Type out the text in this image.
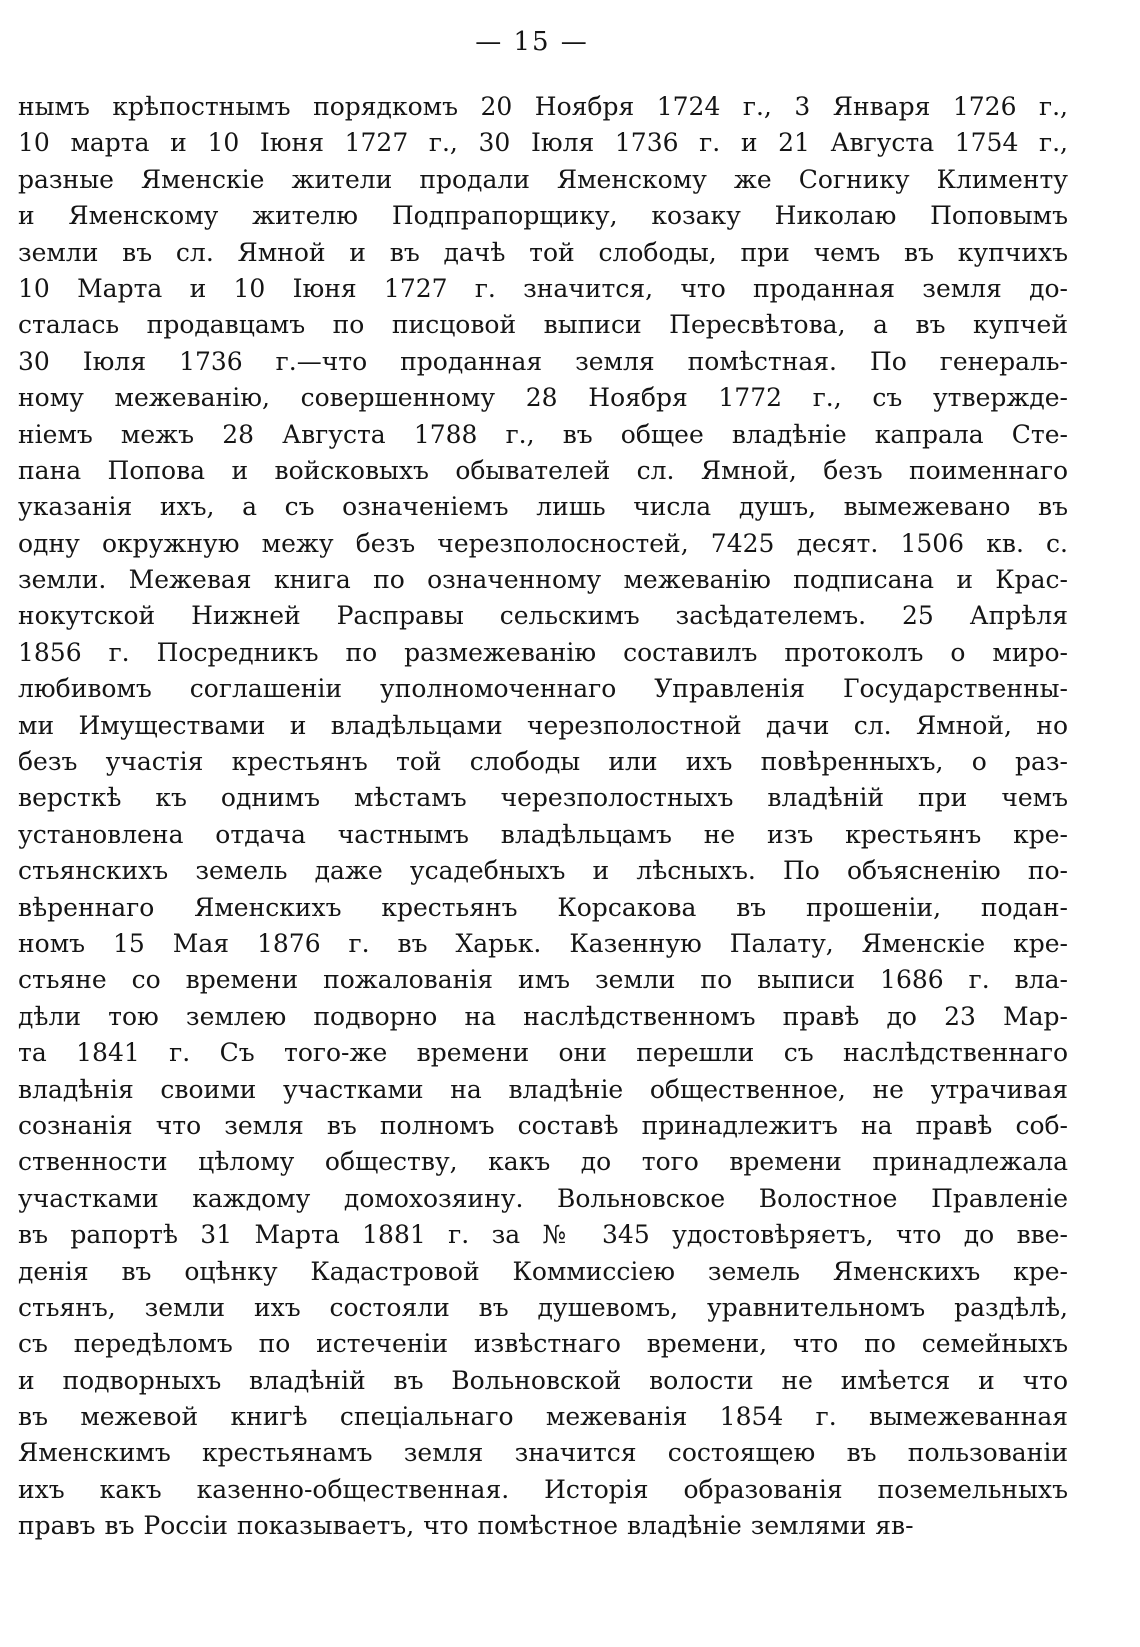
— 15 —
нымъ крѣпостнымъ порядкомъ 20 Ноября 1724 г., 3 Января 1726 г.,
10 марта и 10 Іюня 1727 г., 30 Іюля 1736 г. и 21 Августа 1754 г.,
разные Яменскіе жители продали Яменскому же Согнику Клименту
и Яменскому жителю Подпрапорщику, козаку Николаю Поповымъ
земли въ сл. Ямной и въ дачѣ той слободы, при чемъ въ купчихъ
10 Марта и 10 Іюня 1727 г. значится, что проданная земля до-
сталась продавцамъ по писцовой выписи Пересвѣтова, а въ купчей
30 Іюля 1736 г.—что проданная земля помѣстная. По генераль-
ному межеванію, совершенному 28 Ноября 1772 г., съ утвержде-
ніемъ межъ 28 Августа 1788 г., въ общее владѣніе капрала Сте-
пана Попова и войсковыхъ обывателей сл. Ямной, безъ поименнаго
указанія ихъ, а съ означеніемъ лишь числа душъ, вымежевано въ
одну окружную межу безъ черезполосностей, 7425 десят. 1506 кв. с.
земли. Межевая книга по означенному межеванію подписана и Крас-
нокутской Нижней Расправы сельскимъ засѣдателемъ. 25 Апрѣля
1856 г. Посредникъ по размежеванію составилъ протоколъ о миро-
любивомъ соглашеніи уполномоченнаго Управленія Государственны-
ми Имуществами и владѣльцами черезполостной дачи сл. Ямной, но
безъ участія крестьянъ той слободы или ихъ повѣренныхъ, о раз-
версткѣ къ однимъ мѣстамъ черезполостныхъ владѣній при чемъ
установлена отдача частнымъ владѣльцамъ не изъ крестьянъ кре-
стьянскихъ земель даже усадебныхъ и лѣсныхъ. По объясненію по-
вѣреннаго Яменскихъ крестьянъ Корсакова въ прошеніи, подан-
номъ 15 Мая 1876 г. въ Харьк. Казенную Палату, Яменскіе кре-
стьяне со времени пожалованія имъ земли по выписи 1686 г. вла-
дѣли тою землею подворно на наслѣдственномъ правѣ до 23 Мар-
та 1841 г. Съ того-же времени они перешли съ наслѣдственнаго
владѣнія своими участками на владѣніе общественное, не утрачивая
сознанія что земля въ полномъ составѣ принадлежитъ на правѣ соб-
ственности цѣлому обществу, какъ до того времени принадлежала
участками каждому домохозяину. Вольновское Волостное Правленіе
въ рапортѣ 31 Марта 1881 г. за № 345 удостовѣряетъ, что до вве-
денія въ оцѣнку Кадастровой Коммиссіею земель Яменскихъ кре-
стьянъ, земли ихъ состояли въ душевомъ, уравнительномъ раздѣлѣ,
съ передѣломъ по истеченіи извѣстнаго времени, что по семейныхъ
и подворныхъ владѣній въ Вольновской волости не имѣется и что
въ межевой книгѣ спеціальнаго межеванія 1854 г. вымежеванная
Яменскимъ крестьянамъ земля значится состоящею въ пользованіи
ихъ какъ казенно-общественная. Исторія образованія поземельныхъ
правъ въ Россіи показываетъ, что помѣстное владѣніе землями яв-
